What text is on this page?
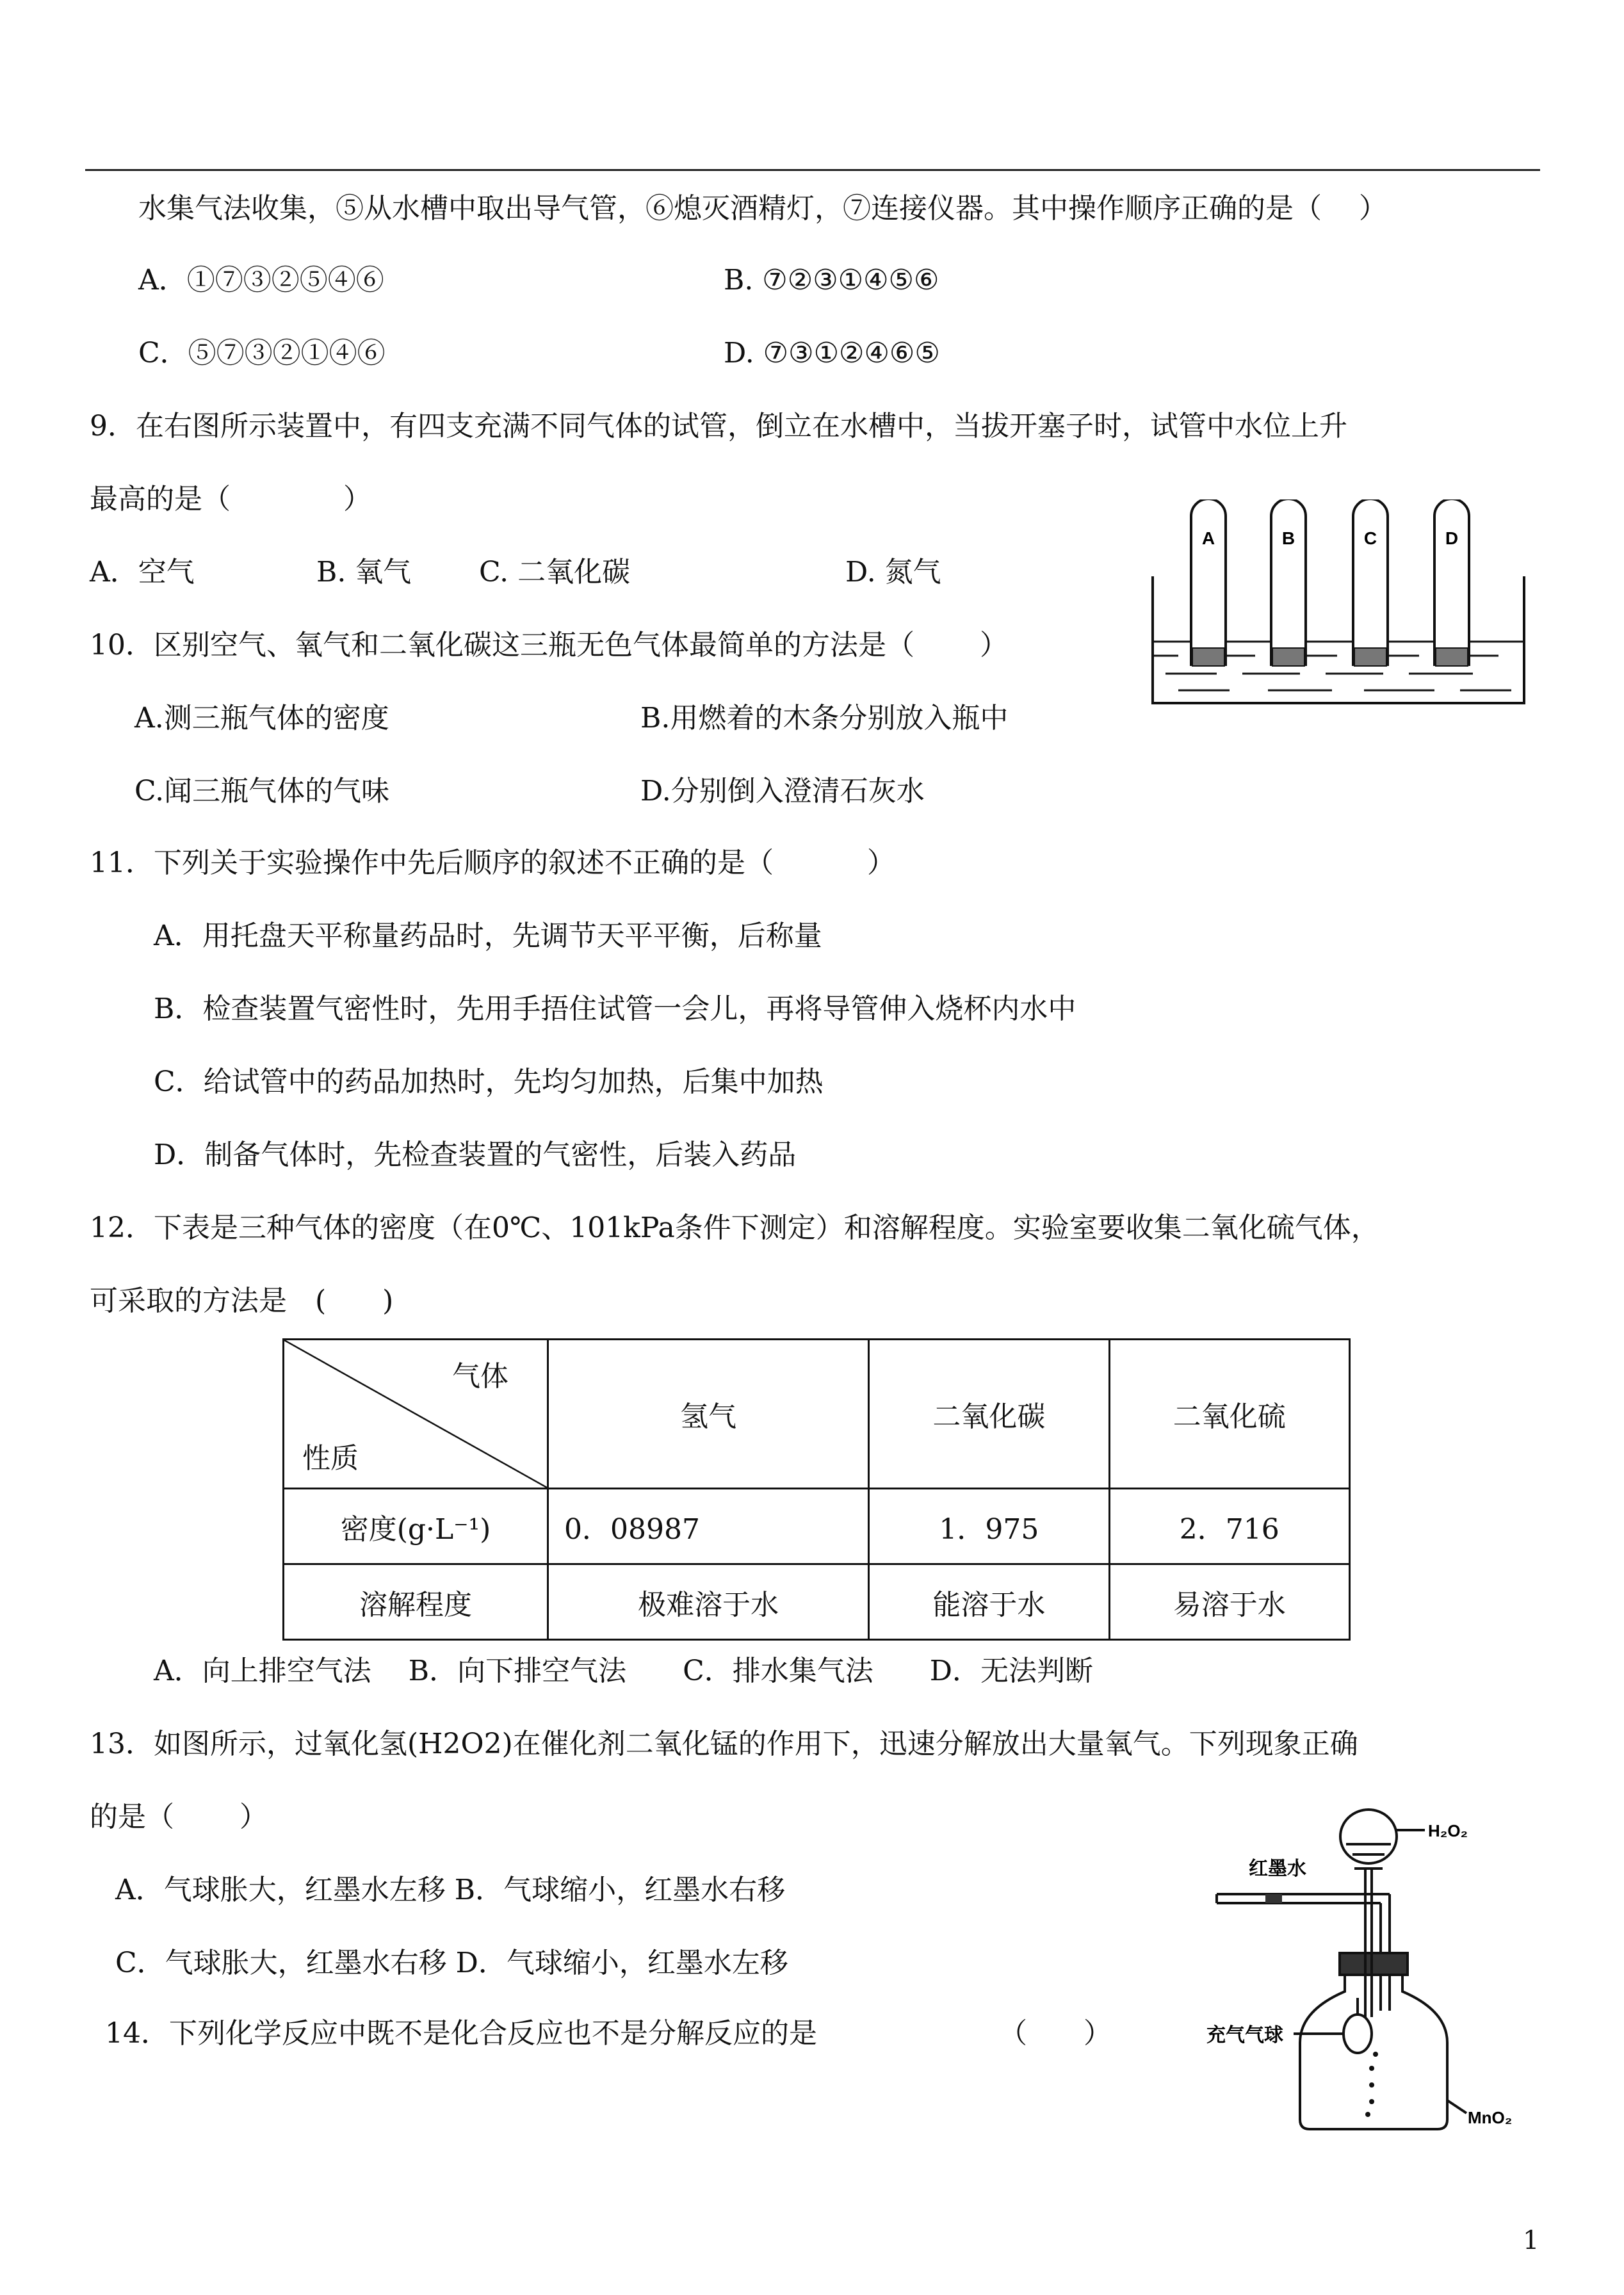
水集气法收集，⑤从水槽中取出导气管，⑥熄灭酒精灯，⑦连接仪器。其中操作顺序正确的是（　 ）
A．①⑦③②⑤④⑥	B. ⑦②③①④⑤⑥
C．⑤⑦③②①④⑥	D. ⑦③①②④⑥⑤
9．在右图所示装置中，有四支充满不同气体的试管，倒立在水槽中，当拔开塞子时，试管中水位上升
最高的是（　　　　）
A．空气	B. 氧气 C. 二氧化碳	D. 氮气
A	B	C	D
10．区别空气、氧气和二氧化碳这三瓶无色气体最简单的方法是（　　 ）
A.测三瓶气体的密度	B.用燃着的木条分别放入瓶中
C.闻三瓶气体的气味	D.分别倒入澄清石灰水
11．下列关于实验操作中先后顺序的叙述不正确的是（　　　 ）
A．用托盘天平称量药品时，先调节天平平衡，后称量
B．检查装置气密性时，先用手捂住试管一会儿，再将导管伸入烧杯内水中
C．给试管中的药品加热时，先均匀加热，后集中加热
D．制备气体时，先检查装置的气密性，后装入药品
12．下表是三种气体的密度（在0℃、101kPa条件下测定）和溶解程度。实验室要收集二氧化硫气体，
可采取的方法是　(　　)
气体
性质	氢气	二氧化碳	二氧化硫
密度(g·L⁻¹)	0．08987	1．975	2．716
溶解程度	极难溶于水	能溶于水	易溶于水
A．向上排空气法　 B．向下排空气法　　C．排水集气法　　D．无法判断
13．如图所示，过氧化氢(H2O2)在催化剂二氧化锰的作用下，迅速分解放出大量氧气。下列现象正确
的是（　　 ）
A．气球胀大，红墨水左移 B．气球缩小，红墨水右移
C．气球胀大，红墨水右移 D．气球缩小，红墨水左移
红墨水
H₂O₂
充气气球
MnO₂
14．下列化学反应中既不是化合反应也不是分解反应的是	（　　）
1
